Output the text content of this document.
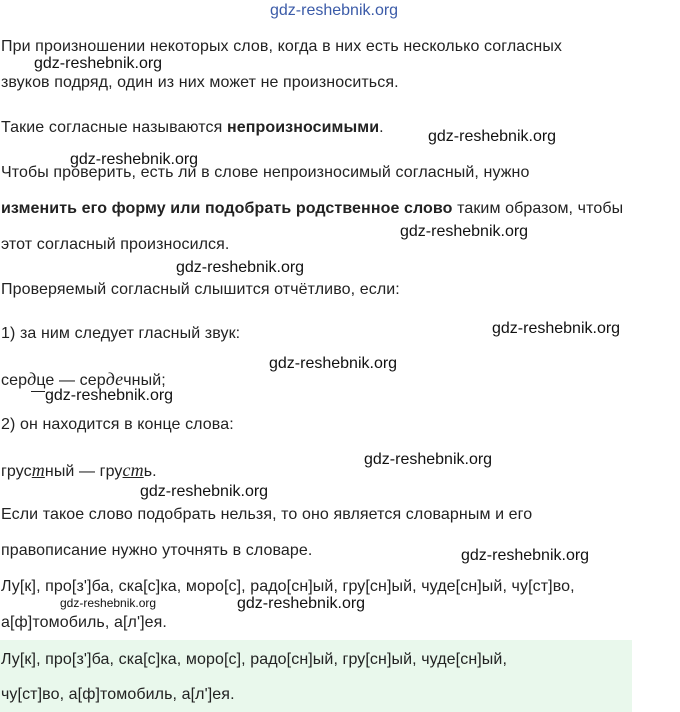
gdz-reshebnik.org
При произношении некоторых слов, когда в них есть несколько согласных
звуков подряд, один из них может не произноситься.
gdz-reshebnik.org
Такие согласные называются непроизносимыми.
gdz-reshebnik.org
gdz-reshebnik.org
Чтобы проверить, есть ли в слове непроизносимый согласный, нужно
изменить его форму или подобрать родственное слово таким образом, чтобы
этот согласный произносился.
gdz-reshebnik.org
gdz-reshebnik.org
Проверяемый согласный слышится отчётливо, если:
1) за ним следует гласный звук:	gdz-reshebnik.org
gdz-reshebnik.org
сердце — сердечный;
gdz-reshebnik.org
2) он находится в конце слова:
gdz-reshebnik.org
грустный — грусть.
gdz-reshebnik.org
Если такое слово подобрать нельзя, то оно является словарным и его
правописание нужно уточнять в словаре.	gdz-reshebnik.org
Лу[к], про[з']ба, ска[с]ка, моро[с], радо[сн]ый, гру[сн]ый, чуде[сн]ый, чу[ст]во,
gdz-reshebnik.org	gdz-reshebnik.org
а[ф]томобиль, а[л']ея.
Лу[к], про[з']ба, ска[с]ка, моро[с], радо[сн]ый, гру[сн]ый, чуде[сн]ый,
чу[ст]во, а[ф]томобиль, а[л']ея.
